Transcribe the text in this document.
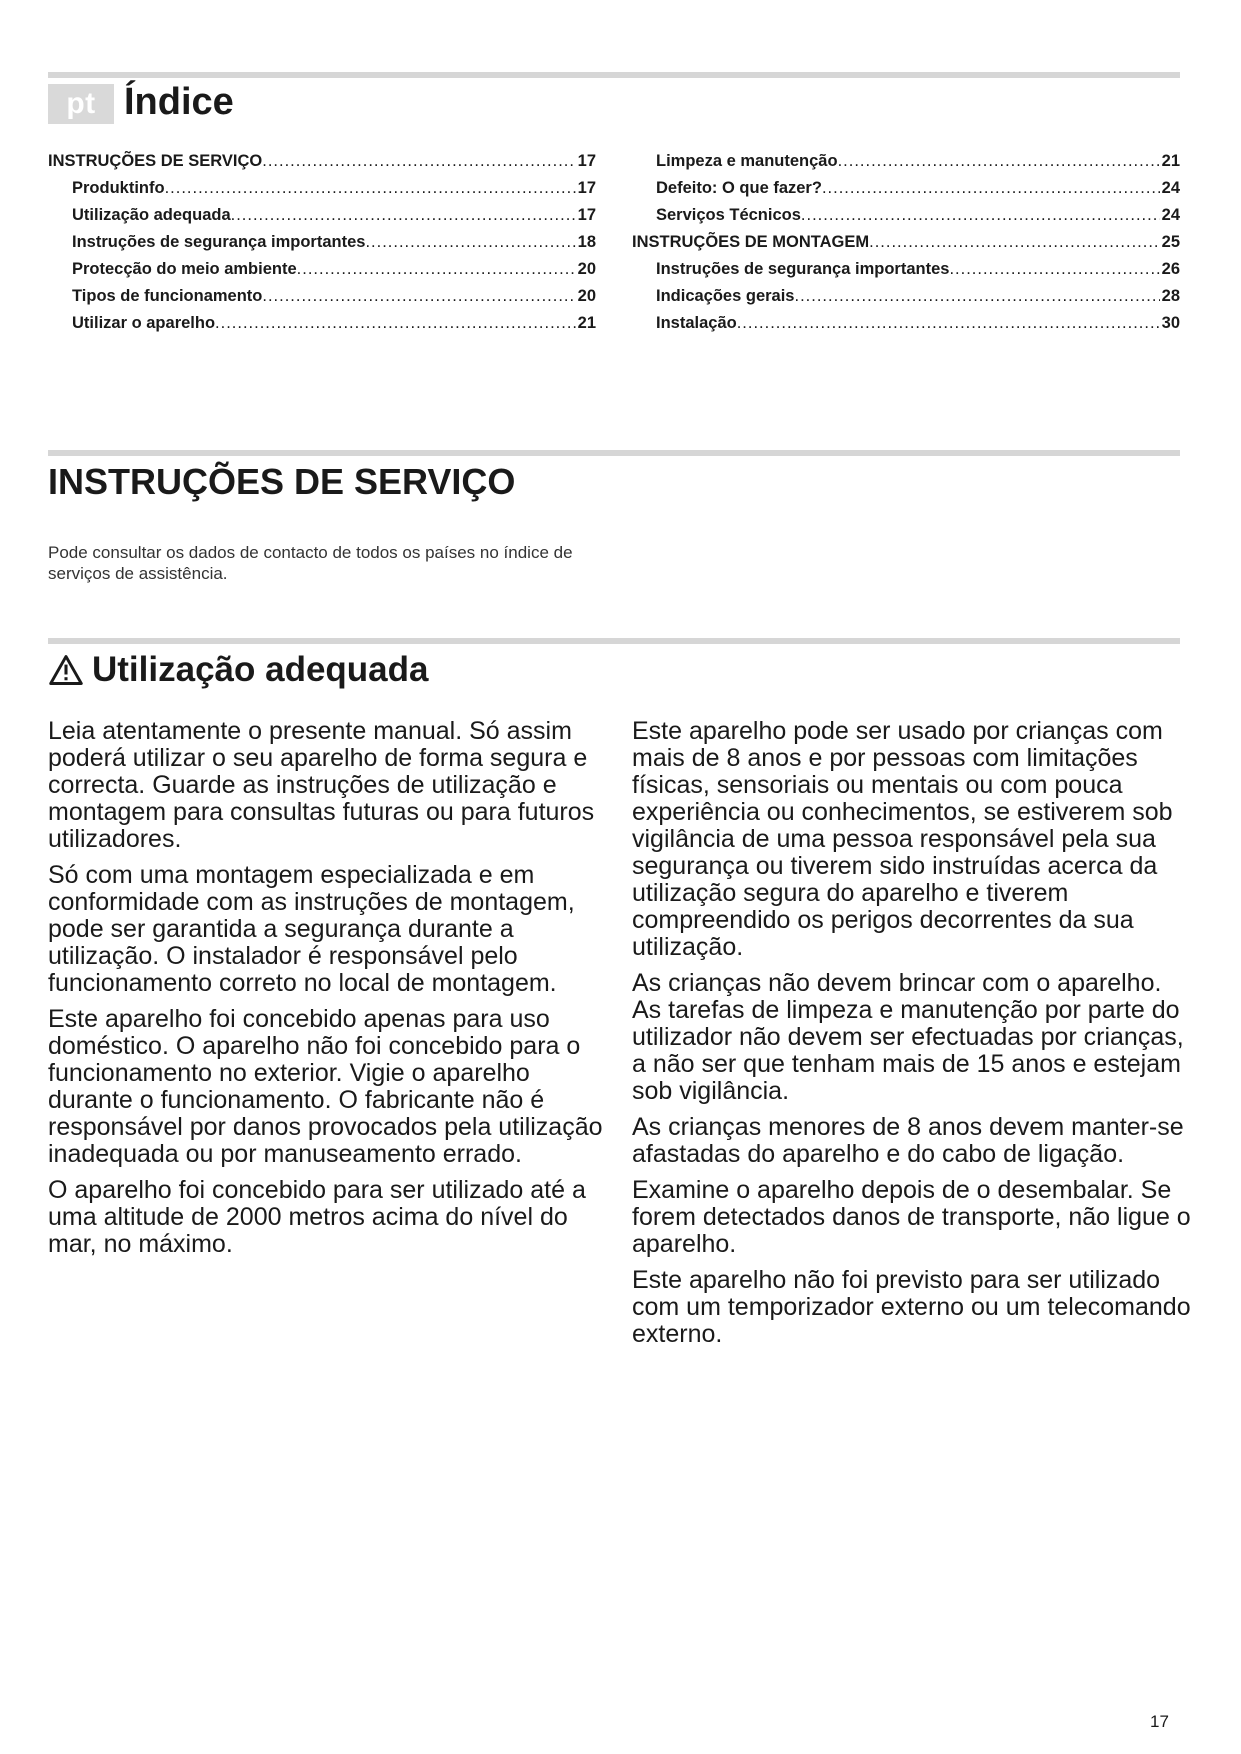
pt Índice
INSTRUÇÕES DE SERVIÇO .....	17
Produktinfo .....	17
Utilização adequada .....	17
Instruções de segurança importantes .....	18
Protecção do meio ambiente .....	20
Tipos de funcionamento .....	20
Utilizar o aparelho .....	21
Limpeza e manutenção .....	21
Defeito: O que fazer? .....	24
Serviços Técnicos .....	24
INSTRUÇÕES DE MONTAGEM .....	25
Instruções de segurança importantes .....	26
Indicações gerais .....	28
Instalação .....	30
INSTRUÇÕES DE SERVIÇO
Pode consultar os dados de contacto de todos os países no índice de serviços de assistência.
Utilização adequada

Leia atentamente o presente manual. Só assim poderá utilizar o seu aparelho de forma segura e correcta. Guarde as instruções de utilização e montagem para consultas futuras ou para futuros utilizadores.

Só com uma montagem especializada e em conformidade com as instruções de montagem, pode ser garantida a segurança durante a utilização. O instalador é responsável pelo funcionamento correto no local de montagem.

Este aparelho foi concebido apenas para uso doméstico. O aparelho não foi concebido para o funcionamento no exterior. Vigie o aparelho durante o funcionamento. O fabricante não é responsável por danos provocados pela utilização inadequada ou por manuseamento errado.

O aparelho foi concebido para ser utilizado até a uma altitude de 2000 metros acima do nível do mar, no máximo.

Este aparelho pode ser usado por crianças com mais de 8 anos e por pessoas com limitações físicas, sensoriais ou mentais ou com pouca experiência ou conhecimentos, se estiverem sob vigilância de uma pessoa responsável pela sua segurança ou tiverem sido instruídas acerca da utilização segura do aparelho e tiverem compreendido os perigos decorrentes da sua utilização.

As crianças não devem brincar com o aparelho. As tarefas de limpeza e manutenção por parte do utilizador não devem ser efectuadas por crianças, a não ser que tenham mais de 15 anos e estejam sob vigilância.

As crianças menores de 8 anos devem manter-se afastadas do aparelho e do cabo de ligação.

Examine o aparelho depois de o desembalar. Se forem detectados danos de transporte, não ligue o aparelho.

Este aparelho não foi previsto para ser utilizado com um temporizador externo ou um telecomando externo.

17
